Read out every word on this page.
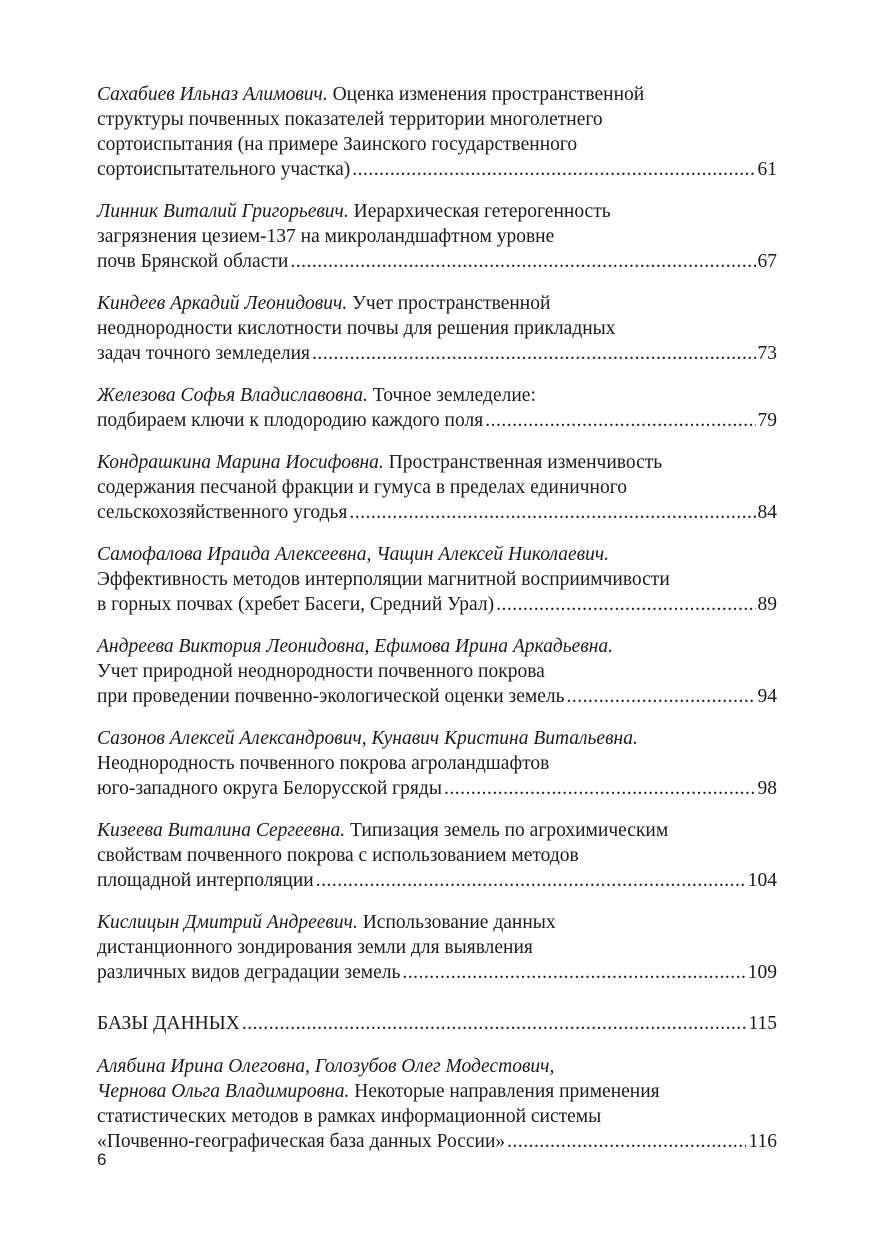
Сахабиев Ильназ Алимович. Оценка изменения пространственной
структуры почвенных показателей территории многолетнего
сортоиспытания (на примере Заинского государственного
сортоиспытательного участка) .....	61
Линник Виталий Григорьевич. Иерархическая гетерогенность
загрязнения цезием-137 на микроландшафтном уровне
почв Брянской области .....	67
Киндеев Аркадий Леонидович. Учет пространственной
неоднородности кислотности почвы для решения прикладных
задач точного земледелия .....	73
Железова Софья Владиславовна. Точное земледелие:
подбираем ключи к плодородию каждого поля .....	79
Кондрашкина Марина Иосифовна. Пространственная изменчивость
содержания песчаной фракции и гумуса в пределах единичного
сельскохозяйственного угодья .....	84
Самофалова Ираида Алексеевна, Чащин Алексей Николаевич.
Эффективность методов интерполяции магнитной восприимчивости
в горных почвах (хребет Басеги, Средний Урал) .....	89
Андреева Виктория Леонидовна, Ефимова Ирина Аркадьевна.
Учет природной неоднородности почвенного покрова
при проведении почвенно-экологической оценки земель .....	94
Сазонов Алексей Александрович, Кунавич Кристина Витальевна.
Неоднородность почвенного покрова агроландшафтов
юго-западного округа Белорусской гряды .....	98
Кизеева Виталина Сергеевна. Типизация земель по агрохимическим
свойствам почвенного покрова с использованием методов
площадной интерполяции .....	104
Кислицын Дмитрий Андреевич. Использование данных
дистанционного зондирования земли для выявления
различных видов деградации земель .....	109
БАЗЫ ДАННЫХ .....	115
Алябина Ирина Олеговна, Голозубов Олег Модестович,
Чернова Ольга Владимировна. Некоторые направления применения
статистических методов в рамках информационной системы
«Почвенно-географическая база данных России» .....	116
6
